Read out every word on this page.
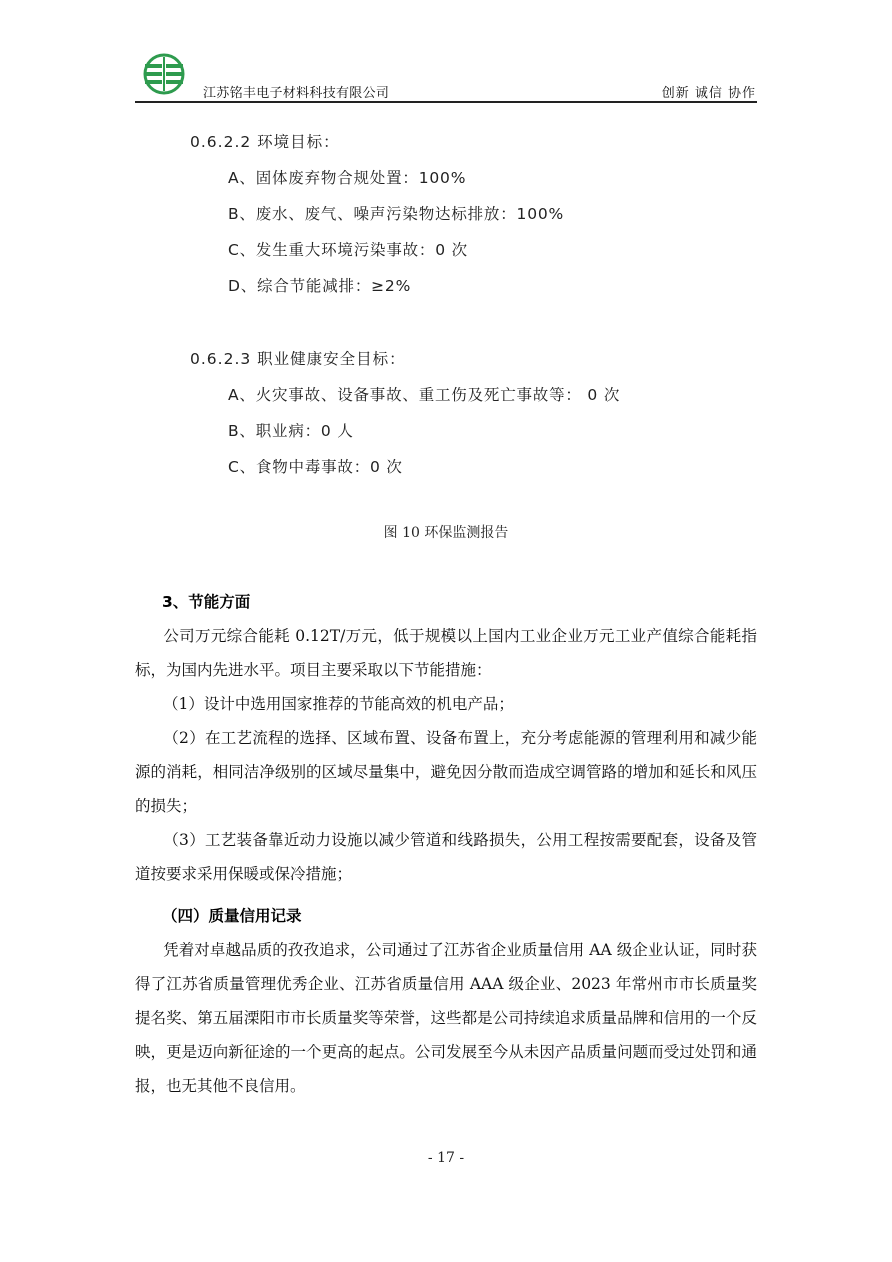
江苏铭丰电子材料科技有限公司	创新 诚信 协作
0.6.2.2 环境目标：
A、固体废弃物合规处置：100%
B、废水、废气、噪声污染物达标排放：100%
C、发生重大环境污染事故：0 次
D、综合节能减排：≥2%
0.6.2.3 职业健康安全目标：
A、火灾事故、设备事故、重工伤及死亡事故等： 0 次
B、职业病：0 人
C、食物中毒事故：0 次
图 10 环保监测报告
3、节能方面
公司万元综合能耗 0.12T/万元，低于规模以上国内工业企业万元工业产值综合能耗指标，为国内先进水平。项目主要采取以下节能措施：
（1）设计中选用国家推荐的节能高效的机电产品；
（2）在工艺流程的选择、区域布置、设备布置上，充分考虑能源的管理利用和减少能源的消耗，相同洁净级别的区域尽量集中，避免因分散而造成空调管路的增加和延长和风压的损失；
（3）工艺装备靠近动力设施以减少管道和线路损失，公用工程按需要配套，设备及管道按要求采用保暖或保冷措施；
（四）质量信用记录
凭着对卓越品质的孜孜追求，公司通过了江苏省企业质量信用 AA 级企业认证，同时获得了江苏省质量管理优秀企业、江苏省质量信用 AAA 级企业、2023 年常州市市长质量奖提名奖、第五届溧阳市市长质量奖等荣誉，这些都是公司持续追求质量品牌和信用的一个反映，更是迈向新征途的一个更高的起点。公司发展至今从未因产品质量问题而受过处罚和通报，也无其他不良信用。
- 17 -
